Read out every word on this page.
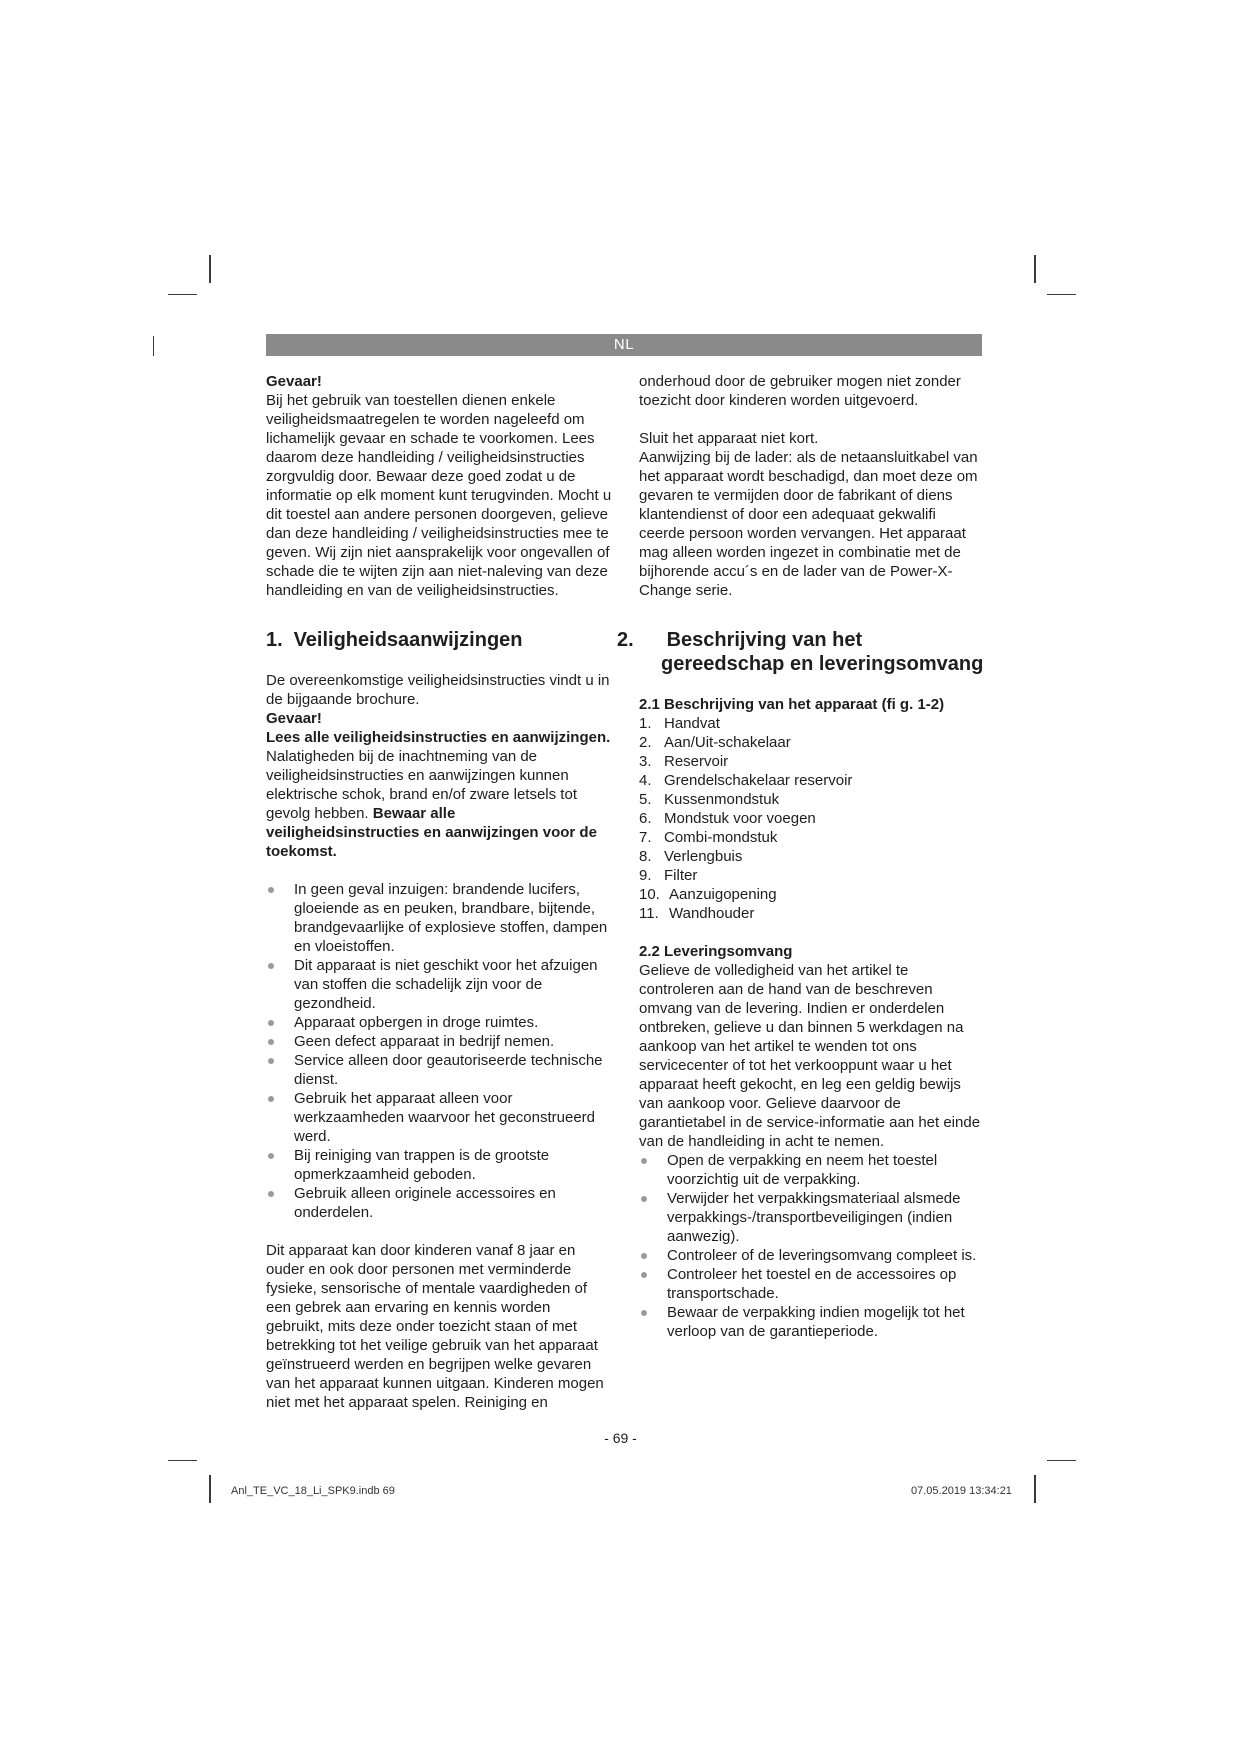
NL

Gevaar!

Bij het gebruik van toestellen dienen enkele veiligheidsmaatregelen te worden nageleefd om lichamelijk gevaar en schade te voorkomen. Lees daarom deze handleiding / veiligheidsinstructies zorgvuldig door. Bewaar deze goed zodat u de informatie op elk moment kunt terugvinden. Mocht u dit toestel aan andere personen doorgeven, gelieve dan deze handleiding / veiligheidsinstructies mee te geven. Wij zijn niet aansprakelijk voor ongevallen of schade die te wijten zijn aan niet-naleving van deze handleiding en van de veiligheidsinstructies.

1. Veiligheidsaanwijzingen

De overeenkomstige veiligheidsinstructies vindt u in de bijgaande brochure.

Gevaar!

Lees alle veiligheidsinstructies en aanwijzingen. Nalatigheden bij de inachtneming van de veiligheidsinstructies en aanwijzingen kunnen elektrische schok, brand en/of zware letsels tot gevolg hebben. Bewaar alle veiligheidsinstructies en aanwijzingen voor de toekomst.

In geen geval inzuigen: brandende lucifers, gloeiende as en peuken, brandbare, bijtende, brandgevaarlijke of explosieve stoffen, dampen en vloeistoffen.
Dit apparaat is niet geschikt voor het afzuigen van stoffen die schadelijk zijn voor de gezondheid.
Apparaat opbergen in droge ruimtes.
Geen defect apparaat in bedrijf nemen.
Service alleen door geautoriseerde technische dienst.
Gebruik het apparaat alleen voor werkzaamheden waarvoor het geconstrueerd werd.
Bij reiniging van trappen is de grootste opmerkzaamheid geboden.
Gebruik alleen originele accessoires en onderdelen.

Dit apparaat kan door kinderen vanaf 8 jaar en ouder en ook door personen met verminderde fysieke, sensorische of mentale vaardigheden of een gebrek aan ervaring en kennis worden gebruikt, mits deze onder toezicht staan of met betrekking tot het veilige gebruik van het apparaat geïnstrueerd werden en begrijpen welke gevaren van het apparaat kunnen uitgaan. Kinderen mogen niet met het apparaat spelen. Reiniging en

onderhoud door de gebruiker mogen niet zonder toezicht door kinderen worden uitgevoerd.

Sluit het apparaat niet kort.

Aanwijzing bij de lader: als de netaansluitkabel van het apparaat wordt beschadigd, dan moet deze om gevaren te vermijden door de fabrikant of diens klantendienst of door een adequaat gekwalifi ceerde persoon worden vervangen. Het apparaat mag alleen worden ingezet in combinatie met de bijhorende accu´s en de lader van de Power-X-Change serie.

2. Beschrijving van het gereedschap en leveringsomvang

2.1 Beschrijving van het apparaat (fi g. 1-2)

1. Handvat
2. Aan/Uit-schakelaar
3. Reservoir
4. Grendelschakelaar reservoir
5. Kussenmondstuk
6. Mondstuk voor voegen
7. Combi-mondstuk
8. Verlengbuis
9. Filter
10. Aanzuigopening
11. Wandhouder

2.2 Leveringsomvang

Gelieve de volledigheid van het artikel te controleren aan de hand van de beschreven omvang van de levering. Indien er onderdelen ontbreken, gelieve u dan binnen 5 werkdagen na aankoop van het artikel te wenden tot ons servicecenter of tot het verkooppunt waar u het apparaat heeft gekocht, en leg een geldig bewijs van aankoop voor. Gelieve daarvoor de garantietabel in de service-informatie aan het einde van de handleiding in acht te nemen.

Open de verpakking en neem het toestel voorzichtig uit de verpakking.
Verwijder het verpakkingsmateriaal alsmede verpakkings-/transportbeveiligingen (indien aanwezig).
Controleer of de leveringsomvang compleet is.
Controleer het toestel en de accessoires op transportschade.
Bewaar de verpakking indien mogelijk tot het verloop van de garantieperiode.
- 69 -
Anl_TE_VC_18_Li_SPK9.indb 69	07.05.2019 13:34:21
